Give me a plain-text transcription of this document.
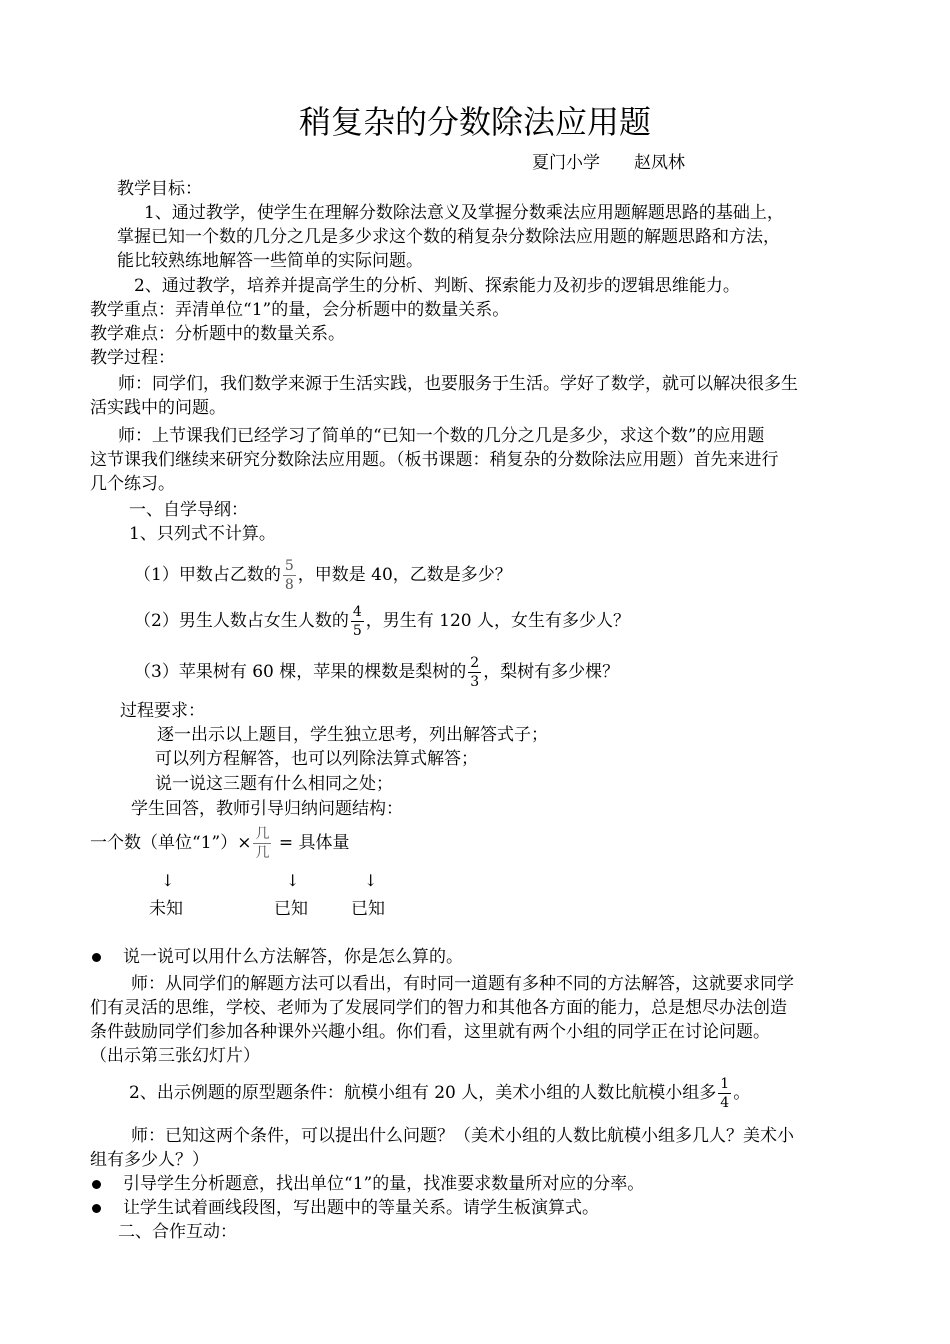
稍复杂的分数除法应用题
夏门小学　　赵凤林
教学目标：
1、通过教学，使学生在理解分数除法意义及掌握分数乘法应用题解题思路的基础上，
掌握已知一个数的几分之几是多少求这个数的稍复杂分数除法应用题的解题思路和方法，
能比较熟练地解答一些简单的实际问题。
2、通过教学，培养并提高学生的分析、判断、探索能力及初步的逻辑思维能力。
教学重点：弄清单位“1”的量，会分析题中的数量关系。
教学难点：分析题中的数量关系。
教学过程：
师：同学们，我们数学来源于生活实践，也要服务于生活。学好了数学，就可以解决很多生
活实践中的问题。
师：上节课我们已经学习了简单的“已知一个数的几分之几是多少，求这个数”的应用题
这节课我们继续来研究分数除法应用题。（板书课题：稍复杂的分数除法应用题）首先来进行
几个练习。
一、自学导纲：
1、只列式不计算。
（1）甲数占乙数的 $\frac{5}{8}$ ，甲数是 40，乙数是多少？
（2）男生人数占女生人数的 $\frac{4}{5}$ ，男生有 120 人，女生有多少人？
（3）苹果树有 60 棵，苹果的棵数是梨树的 $\frac{2}{3}$ ，梨树有多少棵？
过程要求：
逐一出示以上题目，学生独立思考，列出解答式子；
可以列方程解答，也可以列除法算式解答；
说一说这三题有什么相同之处；
学生回答，教师引导归纳问题结构：
一个数（单位“1”）× $\frac{\text{几}}{\text{几}}$ = 具体量
↓	↓	↓
未知	已知	已知
说一说可以用什么方法解答，你是怎么算的。
师：从同学们的解题方法可以看出，有时同一道题有多种不同的方法解答，这就要求同学
们有灵活的思维，学校、老师为了发展同学们的智力和其他各方面的能力，总是想尽办法创造
条件鼓励同学们参加各种课外兴趣小组。你们看，这里就有两个小组的同学正在讨论问题。
（出示第三张幻灯片）
2、出示例题的原型题条件：航模小组有 20 人，美术小组的人数比航模小组多 $\frac{1}{4}$ 。
师：已知这两个条件，可以提出什么问题？（美术小组的人数比航模小组多几人？美术小
组有多少人？）
引导学生分析题意，找出单位“1”的量，找准要求数量所对应的分率。
让学生试着画线段图，写出题中的等量关系。请学生板演算式。
二、合作互动：
